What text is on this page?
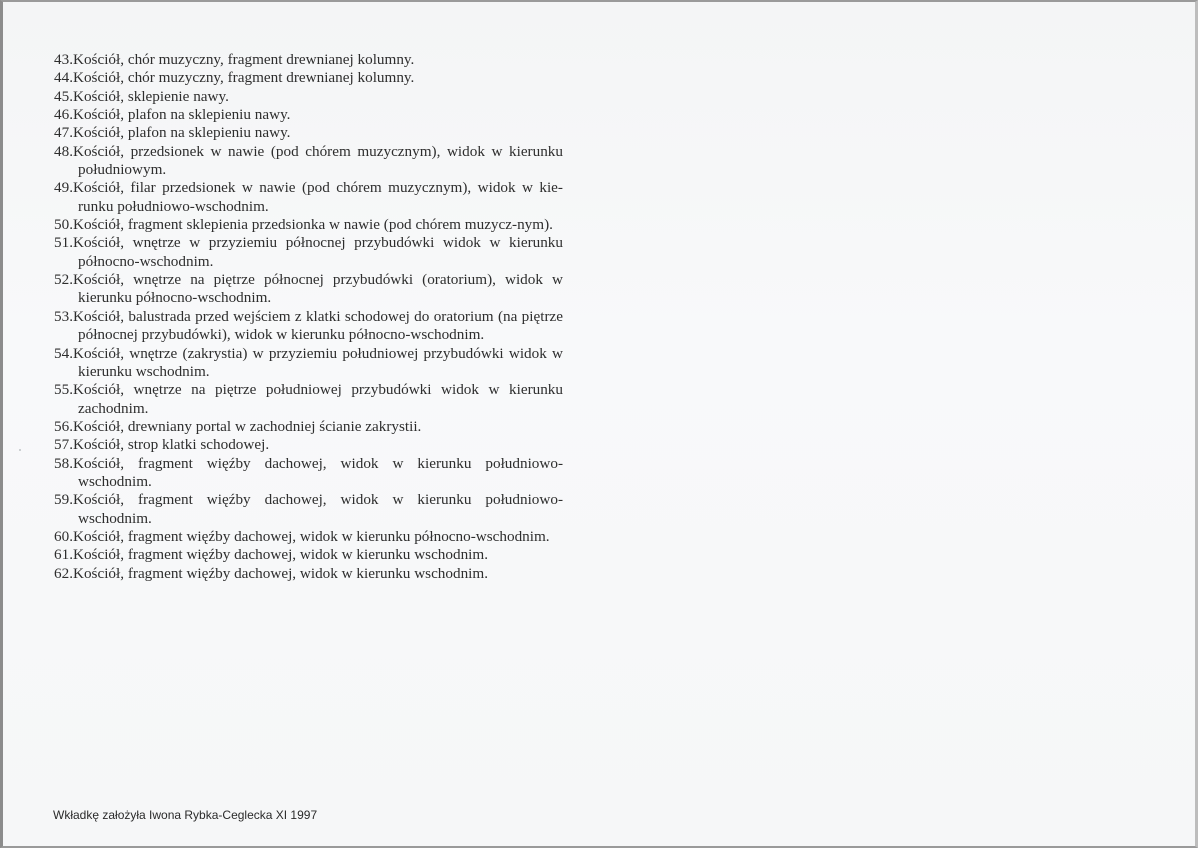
43.Kościół, chór muzyczny, fragment drewnianej kolumny.
44.Kościół, chór muzyczny, fragment drewnianej kolumny.
45.Kościół, sklepienie nawy.
46.Kościół, plafon na sklepieniu nawy.
47.Kościół, plafon na sklepieniu nawy.
48.Kościół, przedsionek w nawie (pod chórem muzycznym), widok w kierunku południowym.
49.Kościół, filar przedsionek w nawie (pod chórem muzycznym), widok w kie-runku południowo-wschodnim.
50.Kościół, fragment sklepienia przedsionka w nawie (pod chórem muzycz-nym).
51.Kościół, wnętrze w przyziemiu północnej przybudówki widok w kierunku północno-wschodnim.
52.Kościół, wnętrze na piętrze północnej przybudówki (oratorium), widok w kierunku północno-wschodnim.
53.Kościół, balustrada przed wejściem z klatki schodowej do oratorium (na piętrze północnej przybudówki), widok w kierunku północno-wschodnim.
54.Kościół, wnętrze (zakrystia) w przyziemiu południowej przybudówki widok w kierunku wschodnim.
55.Kościół, wnętrze na piętrze południowej przybudówki widok w kierunku zachodnim.
56.Kościół, drewniany portal w zachodniej ścianie zakrystii.
57.Kościół, strop klatki schodowej.
58.Kościół, fragment więźby dachowej, widok w kierunku południowo-wschodnim.
59.Kościół, fragment więźby dachowej, widok w kierunku południowo-wschodnim.
60.Kościół, fragment więźby dachowej, widok w kierunku północno-wschodnim.
61.Kościół, fragment więźby dachowej, widok w kierunku wschodnim.
62.Kościół, fragment więźby dachowej, widok w kierunku wschodnim.
Wkładkę założyła Iwona Rybka-Ceglecka XI 1997
